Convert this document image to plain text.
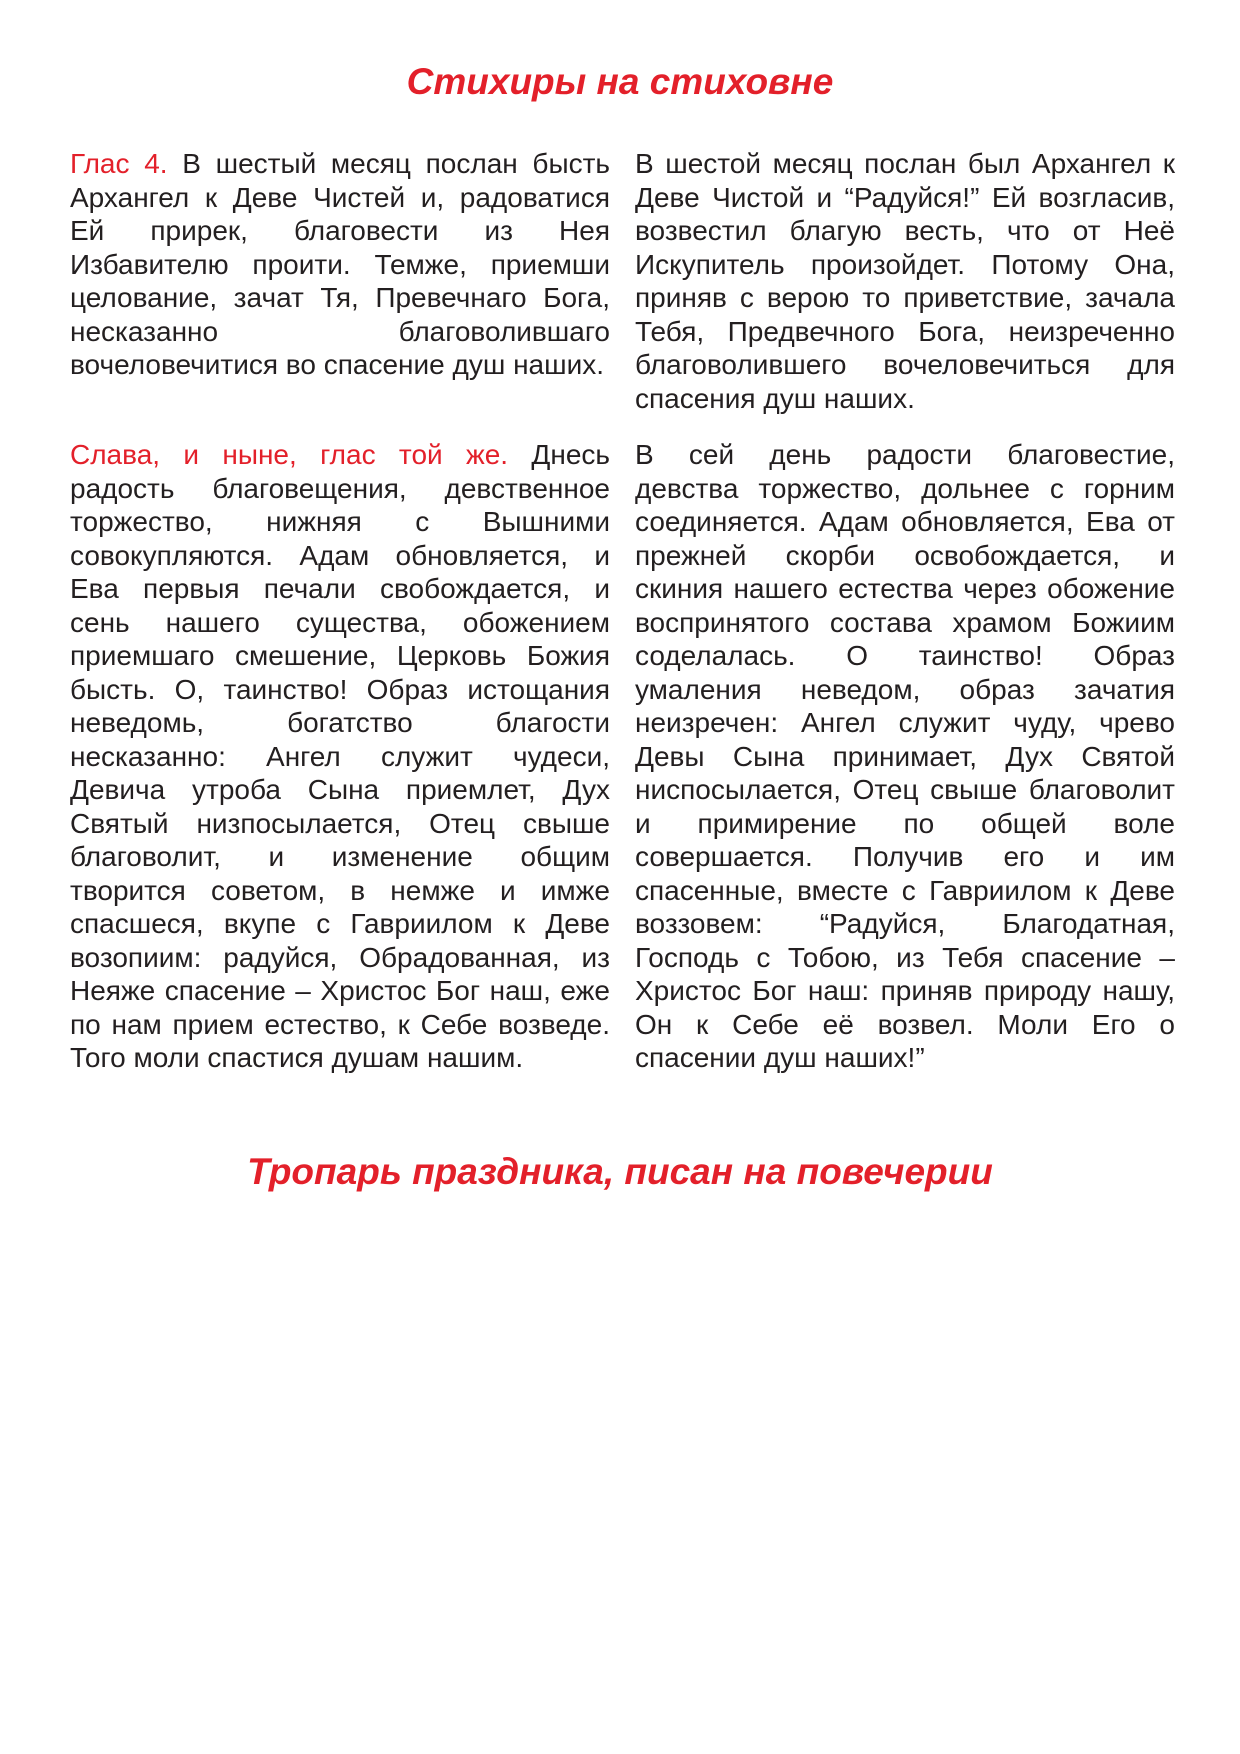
Стихиры на стиховне

Глас 4. В шестый месяц послан бысть Архангел к Деве Чистей и, радоватися Ей прирек, благовести из Нея Избавителю проити. Темже, приемши целование, зачат Тя, Превечнаго Бога, несказанно благоволившаго вочеловечитися во спасение душ наших.

В шестой месяц послан был Архангел к Деве Чистой и “Радуйся!” Ей возгласив, возвестил благую весть, что от Неё Искупитель произойдет. Потому Она, приняв с верою то приветствие, зачала Тебя, Предвечного Бога, неизреченно благоволившего вочеловечиться для спасения душ наших.

Слава, и ныне, глас той же. Днесь радость благовещения, девственное торжество, нижняя с Вышними совокупляются. Адам обновляется, и Ева первыя печали свобождается, и сень нашего существа, обожением приемшаго смешение, Церковь Божия бысть. О, таинство! Образ истощания неведомь, богатство благости несказанно: Ангел служит чудеси, Девича утроба Сына приемлет, Дух Святый низпосылается, Отец свыше благоволит, и изменение общим творится советом, в немже и имже спасшеся, вкупе с Гавриилом к Деве возопиим: радуйся, Обрадованная, из Неяже спасение – Христос Бог наш, еже по нам прием естество, к Себе возведе. Того моли спастися душам нашим.

В сей день радости благовестие, девства торжество, дольнее с горним соединяется. Адам обновляется, Ева от прежней скорби освобождается, и скиния нашего естества через обожение воспринятого состава храмом Божиим соделалась. О таинство! Образ умаления неведом, образ зачатия неизречен: Ангел служит чуду, чрево Девы Сына принимает, Дух Святой ниспосылается, Отец свыше благоволит и примирение по общей воле совершается. Получив его и им спасенные, вместе с Гавриилом к Деве воззовем: “Радуйся, Благодатная, Господь с Тобою, из Тебя спасение – Христос Бог наш: приняв природу нашу, Он к Себе её возвел. Моли Его о спасении душ наших!”

Тропарь праздника, писан на повечерии
